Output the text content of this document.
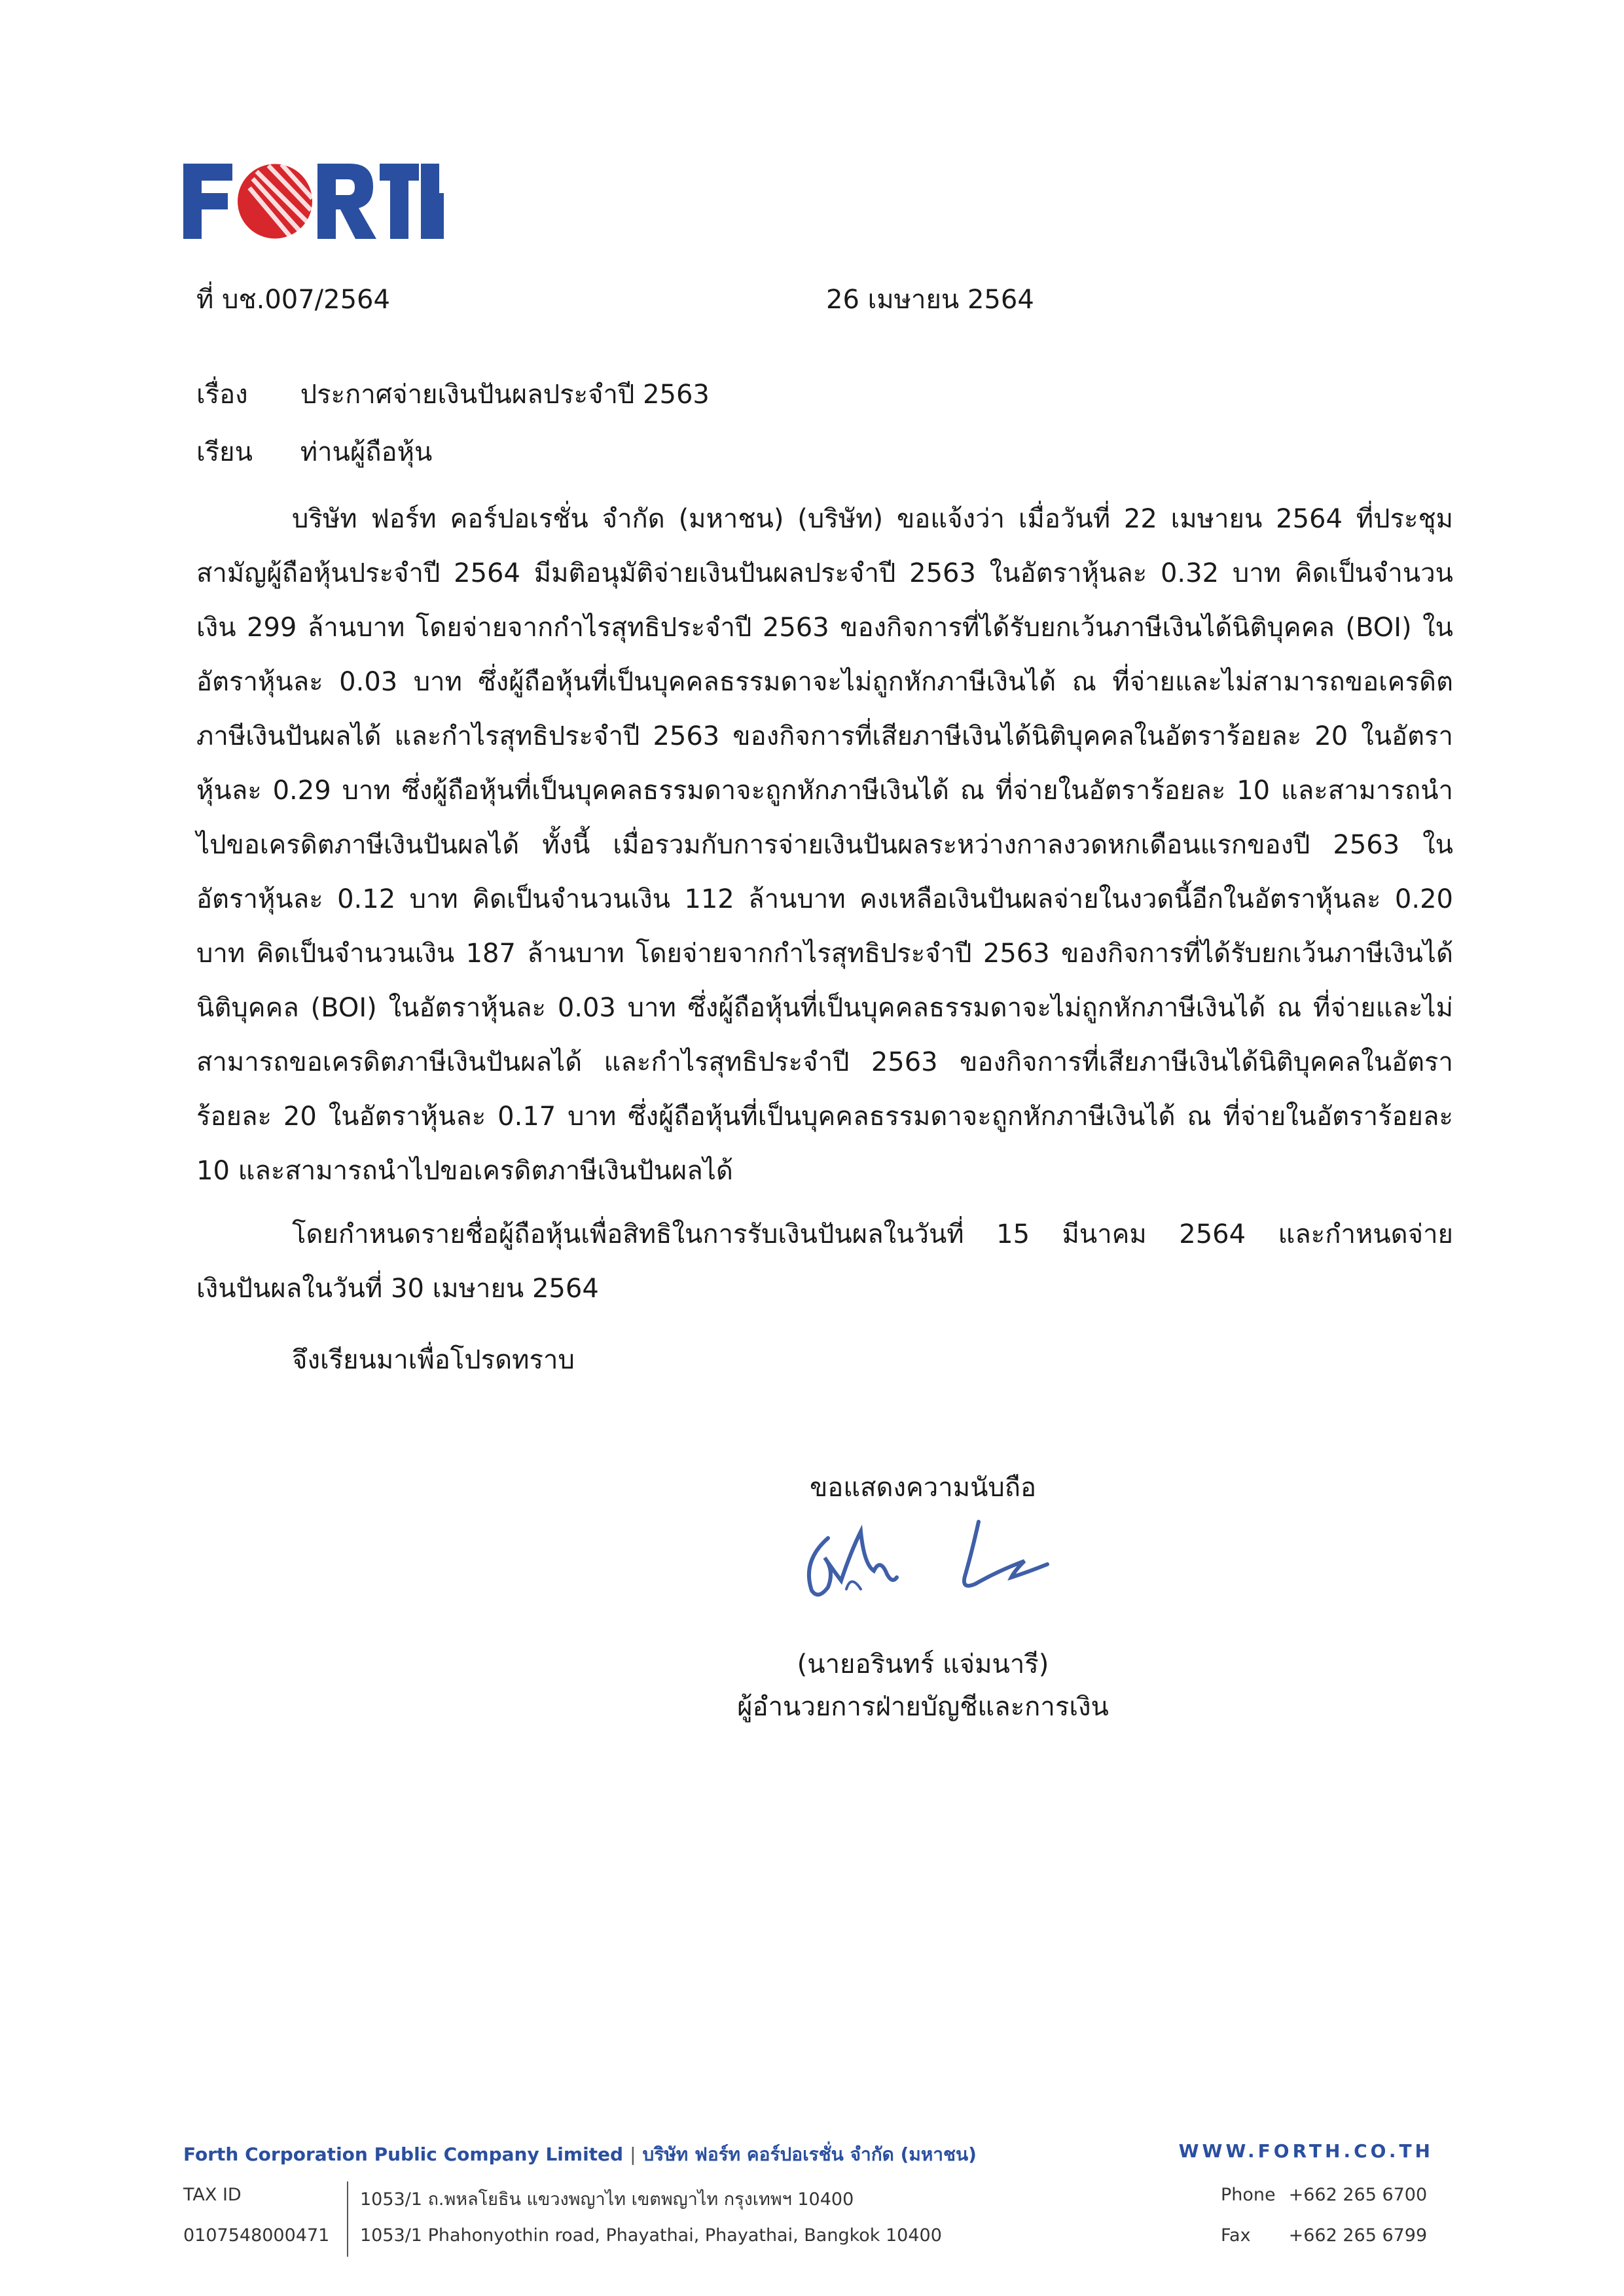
ที่ บช.007/2564	26 เมษายน 2564
เรื่อง ประกาศจ่ายเงินปันผลประจำปี 2563
เรียน ท่านผู้ถือหุ้น

บริษัท ฟอร์ท คอร์ปอเรชั่น จำกัด (มหาชน) (บริษัท) ขอแจ้งว่า เมื่อวันที่ 22 เมษายน 2564 ที่ประชุมสามัญผู้ถือหุ้นประจำปี 2564 มีมติอนุมัติจ่ายเงินปันผลประจำปี 2563 ในอัตราหุ้นละ 0.32 บาท คิดเป็นจำนวนเงิน 299 ล้านบาท โดยจ่ายจากกำไรสุทธิประจำปี 2563 ของกิจการที่ได้รับยกเว้นภาษีเงินได้นิติบุคคล (BOI) ในอัตราหุ้นละ 0.03 บาท ซึ่งผู้ถือหุ้นที่เป็นบุคคลธรรมดาจะไม่ถูกหักภาษีเงินได้ ณ ที่จ่ายและไม่สามารถขอเครดิตภาษีเงินปันผลได้ และกำไรสุทธิประจำปี 2563 ของกิจการที่เสียภาษีเงินได้นิติบุคคลในอัตราร้อยละ 20 ในอัตราหุ้นละ 0.29 บาท ซึ่งผู้ถือหุ้นที่เป็นบุคคลธรรมดาจะถูกหักภาษีเงินได้ ณ ที่จ่ายในอัตราร้อยละ 10 และสามารถนำไปขอเครดิตภาษีเงินปันผลได้ ทั้งนี้ เมื่อรวมกับการจ่ายเงินปันผลระหว่างกาลงวดหกเดือนแรกของปี 2563 ในอัตราหุ้นละ 0.12 บาท คิดเป็นจำนวนเงิน 112 ล้านบาท คงเหลือเงินปันผลจ่ายในงวดนี้อีกในอัตราหุ้นละ 0.20 บาท คิดเป็นจำนวนเงิน 187 ล้านบาท โดยจ่ายจากกำไรสุทธิประจำปี 2563 ของกิจการที่ได้รับยกเว้นภาษีเงินได้นิติบุคคล (BOI) ในอัตราหุ้นละ 0.03 บาท ซึ่งผู้ถือหุ้นที่เป็นบุคคลธรรมดาจะไม่ถูกหักภาษีเงินได้ ณ ที่จ่ายและไม่สามารถขอเครดิตภาษีเงินปันผลได้ และกำไรสุทธิประจำปี 2563 ของกิจการที่เสียภาษีเงินได้นิติบุคคลในอัตราร้อยละ 20 ในอัตราหุ้นละ 0.17 บาท ซึ่งผู้ถือหุ้นที่เป็นบุคคลธรรมดาจะถูกหักภาษีเงินได้ ณ ที่จ่ายในอัตราร้อยละ 10 และสามารถนำไปขอเครดิตภาษีเงินปันผลได้

โดยกำหนดรายชื่อผู้ถือหุ้นเพื่อสิทธิในการรับเงินปันผลในวันที่ 15 มีนาคม 2564 และกำหนดจ่ายเงินปันผลในวันที่ 30 เมษายน 2564

จึงเรียนมาเพื่อโปรดทราบ

ขอแสดงความนับถือ
(นายอรินทร์ แจ่มนารี)
ผู้อำนวยการฝ่ายบัญชีและการเงิน
Forth Corporation Public Company Limited | บริษัท ฟอร์ท คอร์ปอเรชั่น จำกัด (มหาชน)	WWW.FORTH.CO.TH
TAX ID
0107548000471
1053/1 ถ.พหลโยธิน แขวงพญาไท เขตพญาไท กรุงเทพฯ 10400
1053/1 Phahonyothin road, Phayathai, Phayathai, Bangkok 10400
Phone +662 265 6700
Fax +662 265 6799
